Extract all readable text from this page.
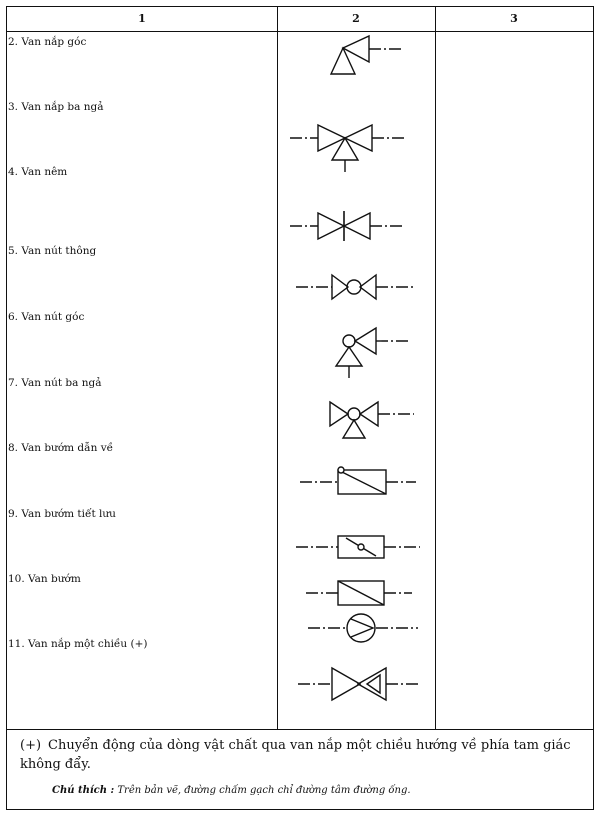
1	2	3
2. Van nắp góc
3. Van nắp ba ngả
4. Van nêm
5. Van nút thông
6. Van nút góc
7. Van nút ba ngả
8. Van bướm dẫn về
9. Van bướm tiết lưu
10. Van bướm
11. Van nắp một chiều (+)
(+) Chuyển động của dòng vật chất qua van nắp một chiều hướng về phía tam giác không đẩy.
Chú thích : Trên bản vẽ, đường chấm gạch chỉ đường tâm đường ống.
